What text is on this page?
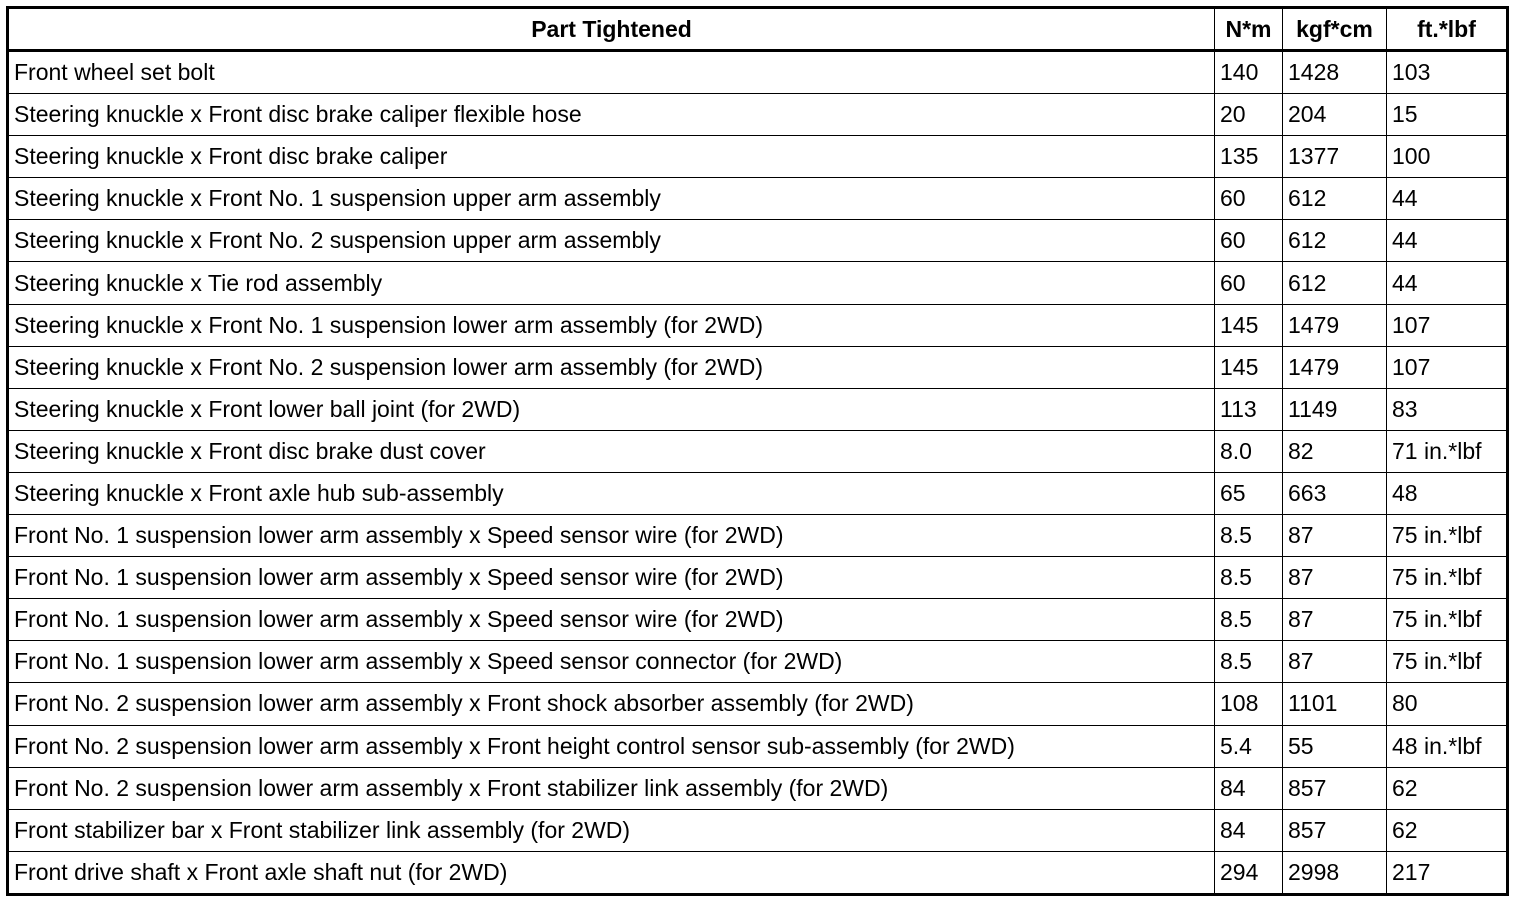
Part Tightened	N*m	kgf*cm	ft.*lbf
Front wheel set bolt	140	1428	103
Steering knuckle x Front disc brake caliper flexible hose	20	204	15
Steering knuckle x Front disc brake caliper	135	1377	100
Steering knuckle x Front No. 1 suspension upper arm assembly	60	612	44
Steering knuckle x Front No. 2 suspension upper arm assembly	60	612	44
Steering knuckle x Tie rod assembly	60	612	44
Steering knuckle x Front No. 1 suspension lower arm assembly (for 2WD)	145	1479	107
Steering knuckle x Front No. 2 suspension lower arm assembly (for 2WD)	145	1479	107
Steering knuckle x Front lower ball joint (for 2WD)	113	1149	83
Steering knuckle x Front disc brake dust cover	8.0	82	71 in.*lbf
Steering knuckle x Front axle hub sub-assembly	65	663	48
Front No. 1 suspension lower arm assembly x Speed sensor wire (for 2WD)	8.5	87	75 in.*lbf
Front No. 1 suspension lower arm assembly x Speed sensor wire (for 2WD)	8.5	87	75 in.*lbf
Front No. 1 suspension lower arm assembly x Speed sensor wire (for 2WD)	8.5	87	75 in.*lbf
Front No. 1 suspension lower arm assembly x Speed sensor connector (for 2WD)	8.5	87	75 in.*lbf
Front No. 2 suspension lower arm assembly x Front shock absorber assembly (for 2WD)	108	1101	80
Front No. 2 suspension lower arm assembly x Front height control sensor sub-assembly (for 2WD)	5.4	55	48 in.*lbf
Front No. 2 suspension lower arm assembly x Front stabilizer link assembly (for 2WD)	84	857	62
Front stabilizer bar x Front stabilizer link assembly (for 2WD)	84	857	62
Front drive shaft x Front axle shaft nut (for 2WD)	294	2998	217
